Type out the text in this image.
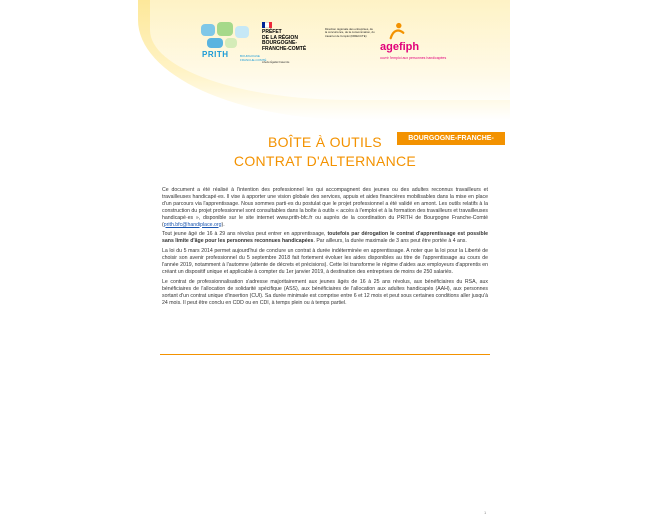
PRITH	BOURGOGNE FRANCHE-COMTÉ
PRÉFET
DE LA RÉGION
BOURGOGNE-
FRANCHE-COMTÉ
Liberté Égalité Fraternité
Direction régionale des entreprises, de la concurrence, de la consommation, du travail et de l'emploi (DIRECCTE)
agefiph
ouvrir l'emploi aux personnes handicapées
BOÎTE À OUTILS
CONTRAT D'ALTERNANCE
BOURGOGNE-FRANCHE-COMTÉ

Ce document a été réalisé à l'intention des professionnel les qui accompagnent des jeunes ou des adultes reconnus travailleurs et travailleuses handicapé·es. Il vise à apporter une vision globale des services, appuis et aides financières mobilisables dans la mise en place d'un parcours via l'apprentissage. Nous sommes parti·es du postulat que le projet professionnel a été validé en amont. Les outils relatifs à la construction du projet professionnel sont consultables dans la boîte à outils « accès à l'emploi et à la formation des travailleurs et travailleuses handicapé·es », disponible sur le site internet www.prith-bfc.fr ou auprès de la coordination du PRITH de Bourgogne Franche-Comté (prith.bfc@handiplace.org).

Tout jeune âgé de 16 à 29 ans révolus peut entrer en apprentissage, toutefois par dérogation le contrat d'apprentissage est possible sans limite d'âge pour les personnes reconnues handicapées. Par ailleurs, la durée maximale de 3 ans peut être portée à 4 ans.

La loi du 5 mars 2014 permet aujourd'hui de conclure un contrat à durée indéterminée en apprentissage. A noter que la loi pour la Liberté de choisir son avenir professionnel du 5 septembre 2018 fait fortement évoluer les aides disponibles au titre de l'apprentissage au cours de l'année 2019, notamment à l'automne (attente de décrets et précisions). Cette loi transforme le régime d'aides aux employeurs d'apprentis en créant un dispositif unique et applicable à compter du 1er janvier 2019, à destination des entreprises de moins de 250 salariés.

Le contrat de professionnalisation s'adresse majoritairement aux jeunes âgés de 16 à 25 ans révolus, aux bénéficiaires du RSA, aux bénéficiaires de l'allocation de solidarité spécifique (ASS), aux bénéficiaires de l'allocation aux adultes handicapés (AAH), aux personnes sortant d'un contrat unique d'insertion (CUI). Sa durée minimale est comprise entre 6 et 12 mois et peut sous certaines conditions aller jusqu'à 24 mois. Il peut être conclu en CDD ou en CDI, à temps plein ou à temps partiel.

1
